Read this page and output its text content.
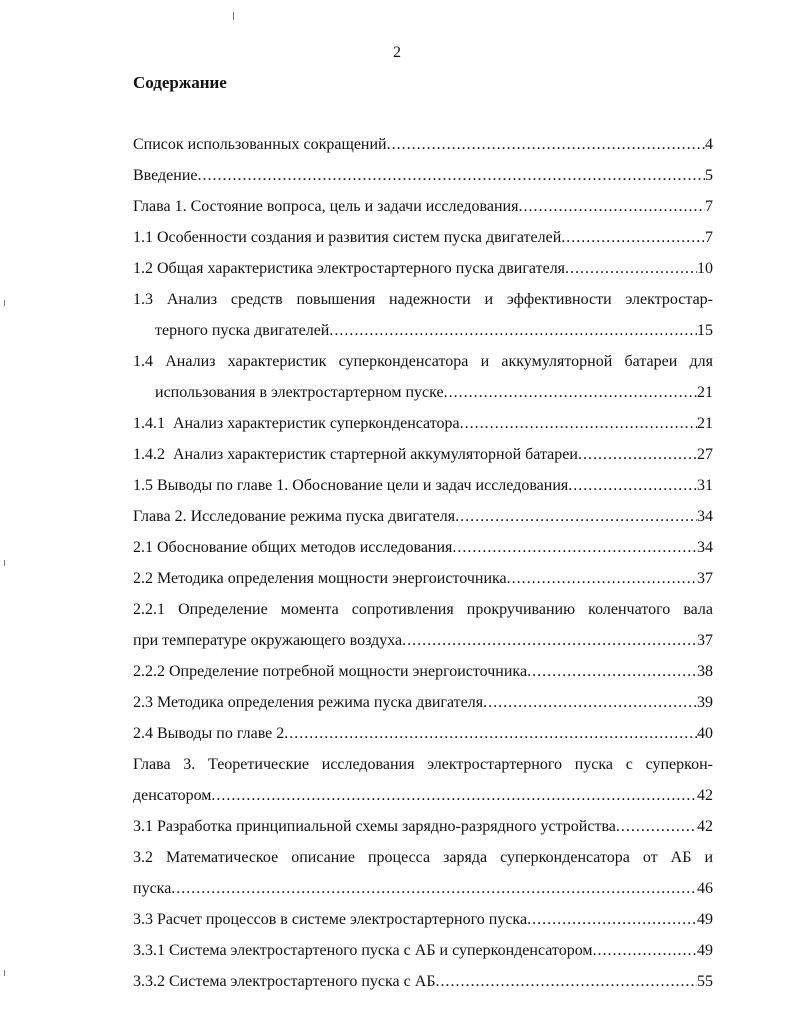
2
Содержание
Список использованных сокращений .....	4
Введение .....	5
Глава 1. Состояние вопроса, цель и задачи исследования .....	7
1.1 Особенности создания и развития систем пуска двигателей .....	7
1.2 Общая характеристика электростартерного пуска двигателя .....	10
1.3 Анализ средств повышения надежности и эффективности электростар-
терного пуска двигателей .....	15
1.4 Анализ характеристик суперконденсатора и аккумуляторной батареи для
использования в электростартерном пуске .....	21
1.4.1  Анализ характеристик суперконденсатора .....	21
1.4.2  Анализ характеристик стартерной аккумуляторной батареи .....	27
1.5 Выводы по главе 1. Обоснование цели и задач исследования .....	31
Глава 2. Исследование режима пуска двигателя .....	34
2.1 Обоснование общих методов исследования .....	34
2.2 Методика определения мощности энергоисточника .....	37
2.2.1 Определение момента сопротивления прокручиванию коленчатого вала
при температуре окружающего воздуха .....	37
2.2.2 Определение потребной мощности энергоисточника .....	38
2.3 Методика определения режима пуска двигателя .....	39
2.4 Выводы по главе 2 .....	40
Глава 3. Теоретические исследования электростартерного пуска с суперкон-
денсатором .....	42
3.1 Разработка принципиальной схемы зарядно-разрядного устройства .....	42
3.2 Математическое описание процесса заряда суперконденсатора от АБ и
пуска .....	46
3.3 Расчет процессов в системе электростартерного пуска .....	49
3.3.1 Система электростартеного пуска с АБ и суперконденсатором .....	49
3.3.2 Система электростартеного пуска с АБ .....	55
